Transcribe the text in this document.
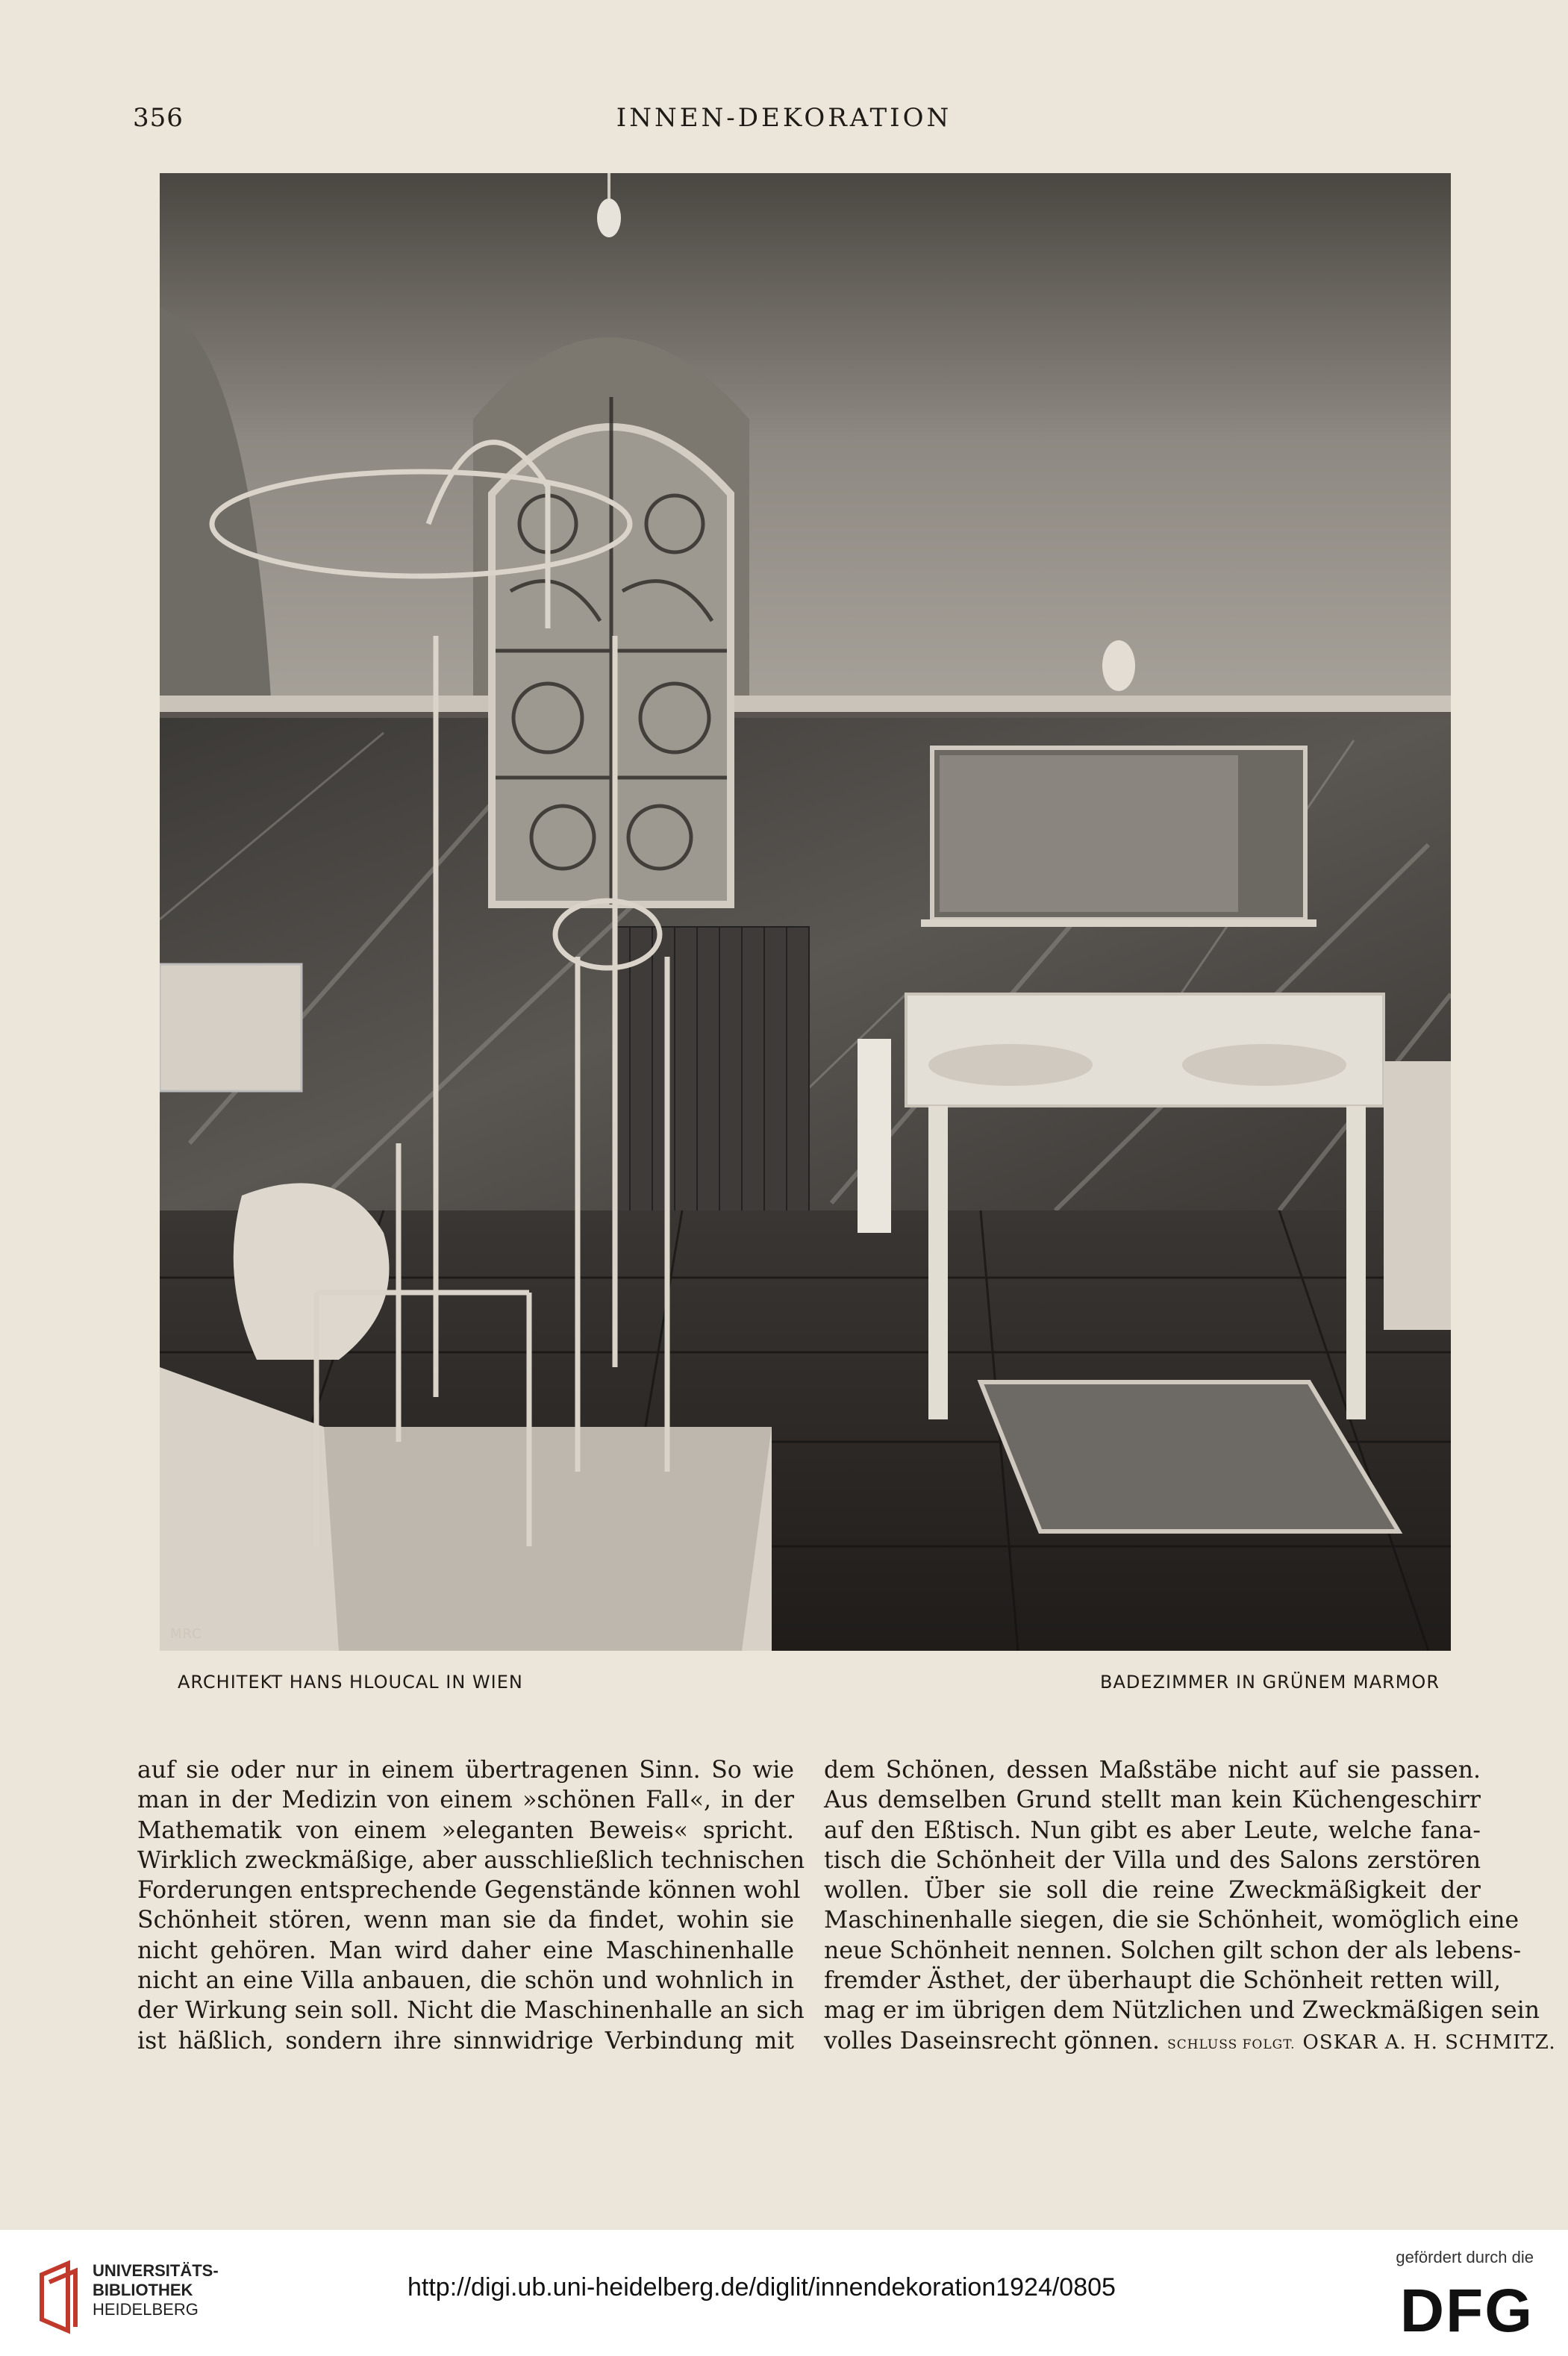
356	INNEN-DEKORATION
MRC
ARCHITEKT HANS HLOUCAL IN WIEN	BADEZIMMER IN GRÜNEM MARMOR
auf sie oder nur in einem übertragenen Sinn. So wie
man in der Medizin von einem »schönen Fall«, in der
Mathematik von einem »eleganten Beweis« spricht.
Wirklich zweckmäßige, aber ausschließlich technischen
Forderungen entsprechende Gegenstände können wohl
Schönheit stören, wenn man sie da findet, wohin sie
nicht gehören. Man wird daher eine Maschinenhalle
nicht an eine Villa anbauen, die schön und wohnlich in
der Wirkung sein soll. Nicht die Maschinenhalle an sich
ist häßlich, sondern ihre sinnwidrige Verbindung mit
dem Schönen, dessen Maßstäbe nicht auf sie passen.
Aus demselben Grund stellt man kein Küchengeschirr
auf den Eßtisch. Nun gibt es aber Leute, welche fana-
tisch die Schönheit der Villa und des Salons zerstören
wollen. Über sie soll die reine Zweckmäßigkeit der
Maschinenhalle siegen, die sie Schönheit, womöglich eine
neue Schönheit nennen. Solchen gilt schon der als lebens-
fremder Ästhet, der überhaupt die Schönheit retten will,
mag er im übrigen dem Nützlichen und Zweckmäßigen sein
volles Daseinsrecht gönnen. SCHLUSS FOLGT. OSKAR A. H. SCHMITZ.
UNIVERSITÄTS-
BIBLIOTHEK
HEIDELBERG
http://digi.ub.uni-heidelberg.de/diglit/innendekoration1924/0805
gefördert durch die
DFG
